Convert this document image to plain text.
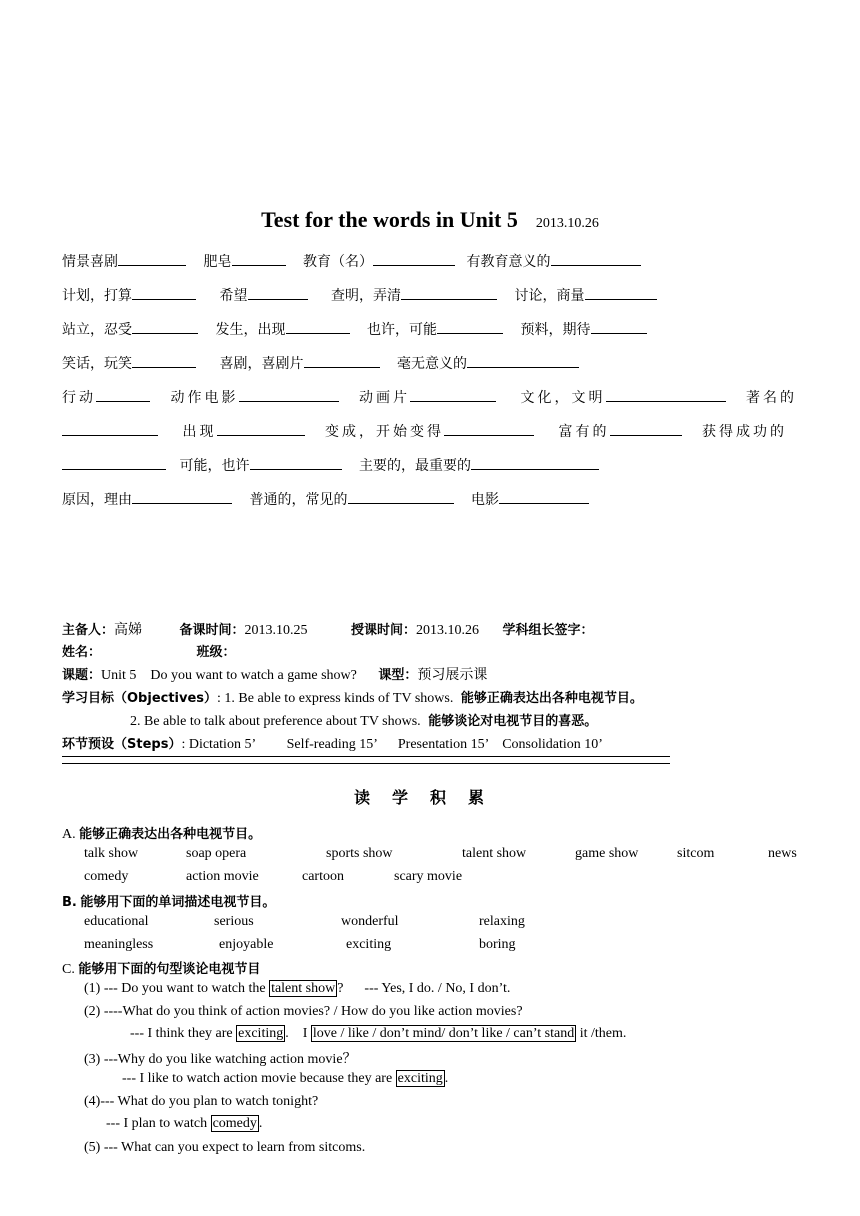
Test for the words in Unit 5 2013.10.26
情景喜剧	肥皂	教育（名）	有教育意义的
计划，打算	希望	查明，弄清	讨论，商量
站立，忍受	发生，出现	也许，可能	预料，期待
笑话，玩笑	喜剧，喜剧片	毫无意义的
行动	动作电影	动画片	文化，文明	著名的
出现	变成，开始变得	富有的	获得成功的
可能，也许	主要的，最重要的
原因，理由	普通的，常见的	电影
主备人：高娣	备课时间：2013.10.25	授课时间：2013.10.26 学科组长签字：
姓名：	班级：
课题：Unit 5    Do you want to watch a game show? 课型：预习展示课
学习目标（Objectives）: 1. Be able to express kinds of TV shows. 能够正确表达出各种电视节目。
2. Be able to talk about preference about TV shows. 能够谈论对电视节目的喜恶。
环节预设（Steps）: Dictation 5’         Self-reading 15’      Presentation 15’    Consolidation 10’
读学积累
A. 能够正确表达出各种电视节目。
talk show	soap opera	sports show	talent show	game show	sitcom	news
comedy	action movie	cartoon	scary movie
B. 能够用下面的单词描述电视节目。
educational	serious	wonderful	relaxing
meaningless	enjoyable	exciting	boring
C. 能够用下面的句型谈论电视节目
(1) --- Do you want to watch the talent show ?      --- Yes, I do. / No, I don’t.
(2) ----What do you think of action movies? / How do you like action movies?
--- I think they are exciting .    I love / like / don’t mind/ don’t like / can’t stand it /them.
(3) ---Why do you like watching action movie？
--- I like to watch action movie because they are exciting .
(4)--- What do you plan to watch tonight?
--- I plan to watch comedy .
(5) --- What can you expect to learn from sitcoms.
